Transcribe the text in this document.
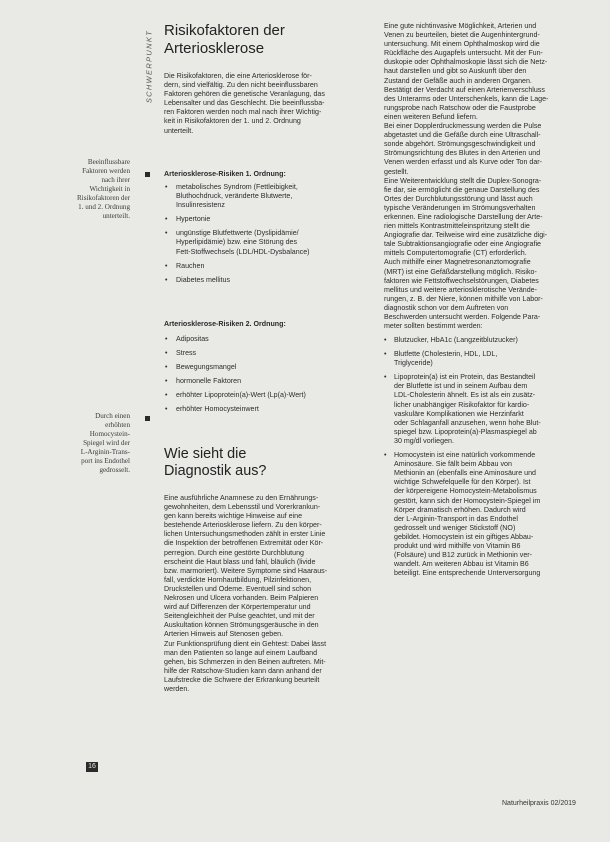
SCHWERPUNKT Risikofaktoren der
Arteriosklerose
Die Risikofaktoren, die eine Arteriosklerose för-
dern, sind vielfältig. Zu den nicht beeinflussbaren
Faktoren gehören die genetische Veranlagung, das
Lebensalter und das Geschlecht. Die beeinflussba-
ren Faktoren werden noch mal nach ihrer Wichtig-
keit in Risikofaktoren der 1. und 2. Ordnung
unterteilt.
Beeinflussbare
Faktoren werden
nach ihrer
Wichtigkeit in
Risikofaktoren der
1. und 2. Ordnung
unterteilt.
Arteriosklerose-Risiken 1. Ordnung:
• metabolisches Syndrom (Fettleibigkeit,
Bluthochdruck, veränderte Blutwerte,
Insulinresistenz
• Hypertonie
• ungünstige Blutfettwerte (Dyslipidämie/
Hyperlipidämie) bzw. eine Störung des
Fett-Stoffwechsels (LDL/HDL-Dysbalance)
• Rauchen
• Diabetes mellitus
Arteriosklerose-Risiken 2. Ordnung:
• Adipositas
• Stress
• Bewegungsmangel
• hormonelle Faktoren
• erhöhter Lipoprotein(a)-Wert (Lp(a)-Wert)
• erhöhter Homocysteinwert
Durch einen
erhöhten
Homocystein-
Spiegel wird der
L-Arginin-Trans-
port ins Endothel
gedrosselt.
Wie sieht die
Diagnostik aus?
Eine ausführliche Anamnese zu den Ernährungs-
gewohnheiten, dem Lebensstil und Vorerkrankun-
gen kann bereits wichtige Hinweise auf eine
bestehende Arteriosklerose liefern. Zu den körper-
lichen Untersuchungsmethoden zählt in erster Linie
die Inspektion der betroffenen Extremität oder Kör-
perregion. Durch eine gestörte Durchblutung
erscheint die Haut blass und fahl, bläulich (livide
bzw. marmoriert). Weitere Symptome sind Haaraus-
fall, verdickte Hornhautbildung, Pilzinfektionen,
Druckstellen und Ödeme. Eventuell sind schon
Nekrosen und Ulcera vorhanden. Beim Palpieren
wird auf Differenzen der Körpertemperatur und
Seitengleichheit der Pulse geachtet, und mit der
Auskultation können Strömungsgeräusche in den
Arterien Hinweis auf Stenosen geben.
Zur Funktionsprüfung dient ein Gehtest: Dabei lässt
man den Patienten so lange auf einem Laufband
gehen, bis Schmerzen in den Beinen auftreten. Mit-
hilfe der Ratschow-Studien kann dann anhand der
Laufstrecke die Schwere der Erkrankung beurteilt
werden.
Eine gute nichtinvasive Möglichkeit, Arterien und
Venen zu beurteilen, bietet die Augenhintergrund-
untersuchung. Mit einem Ophthalmoskop wird die
Rückfläche des Augapfels untersucht. Mit der Fun-
duskopie oder Ophthalmoskopie lässt sich die Netz-
haut darstellen und gibt so Auskunft über den
Zustand der Gefäße auch in anderen Organen.
Bestätigt der Verdacht auf einen Arterienverschluss
des Unterarms oder Unterschenkels, kann die Lage-
rungsprobe nach Ratschow oder die Faustprobe
einen weiteren Befund liefern.
Bei einer Dopplerdruckmessung werden die Pulse
abgetastet und die Gefäße durch eine Ultraschall-
sonde abgehört. Strömungsgeschwindigkeit und
Strömungsrichtung des Blutes in den Arterien und
Venen werden erfasst und als Kurve oder Ton dar-
gestellt.
Eine Weiterentwicklung stellt die Duplex-Sonogra-
fie dar, sie ermöglicht die genaue Darstellung des
Ortes der Durchblutungsstörung und lässt auch
typische Veränderungen im Strömungsverhalten
erkennen. Eine radiologische Darstellung der Arte-
rien mittels Kontrastmitteleinspritzung stellt die
Angiografie dar. Teilweise wird eine zusätzliche digi-
tale Subtraktionsangiografie oder eine Angiografie
mittels Computertomografie (CT) erforderlich.
Auch mithilfe einer Magnetresonanztomografie
(MRT) ist eine Gefäßdarstellung möglich. Risiko-
faktoren wie Fettstoffwechselstörungen, Diabetes
mellitus und weitere arteriosklerotische Verände-
rungen, z. B. der Niere, können mithilfe von Labor-
diagnostik schon vor dem Auftreten von
Beschwerden untersucht werden. Folgende Para-
meter sollten bestimmt werden:
• Blutzucker, HbA1c (Langzeitblutzucker)
• Blutfette (Cholesterin, HDL, LDL,
Triglyceride)
• Lipoprotein(a) ist ein Protein, das Bestandteil
der Blutfette ist und in seinem Aufbau dem
LDL-Cholesterin ähnelt. Es ist als ein zusätz-
licher unabhängiger Risikofaktor für kardio-
vaskuläre Komplikationen wie Herzinfarkt
oder Schlaganfall anzusehen, wenn hohe Blut-
spiegel bzw. Lipoprotein(a)-Plasmaspiegel ab
30 mg/dl vorliegen.
• Homocystein ist eine natürlich vorkommende
Aminosäure. Sie fällt beim Abbau von
Methionin an (ebenfalls eine Aminosäure und
wichtige Schwefelquelle für den Körper). Ist
der körpereigene Homocystein-Metabolismus
gestört, kann sich der Homocystein-Spiegel im
Körper dramatisch erhöhen. Dadurch wird
der L-Arginin-Transport in das Endothel
gedrosselt und weniger Stickstoff (NO)
gebildet. Homocystein ist ein giftiges Abbau-
produkt und wird mithilfe von Vitamin B6
(Folsäure) und B12 zurück in Methionin ver-
wandelt. Am weiteren Abbau ist Vitamin B6
beteiligt. Eine entsprechende Unterversorgung
16
Naturheilpraxis 02/2019
